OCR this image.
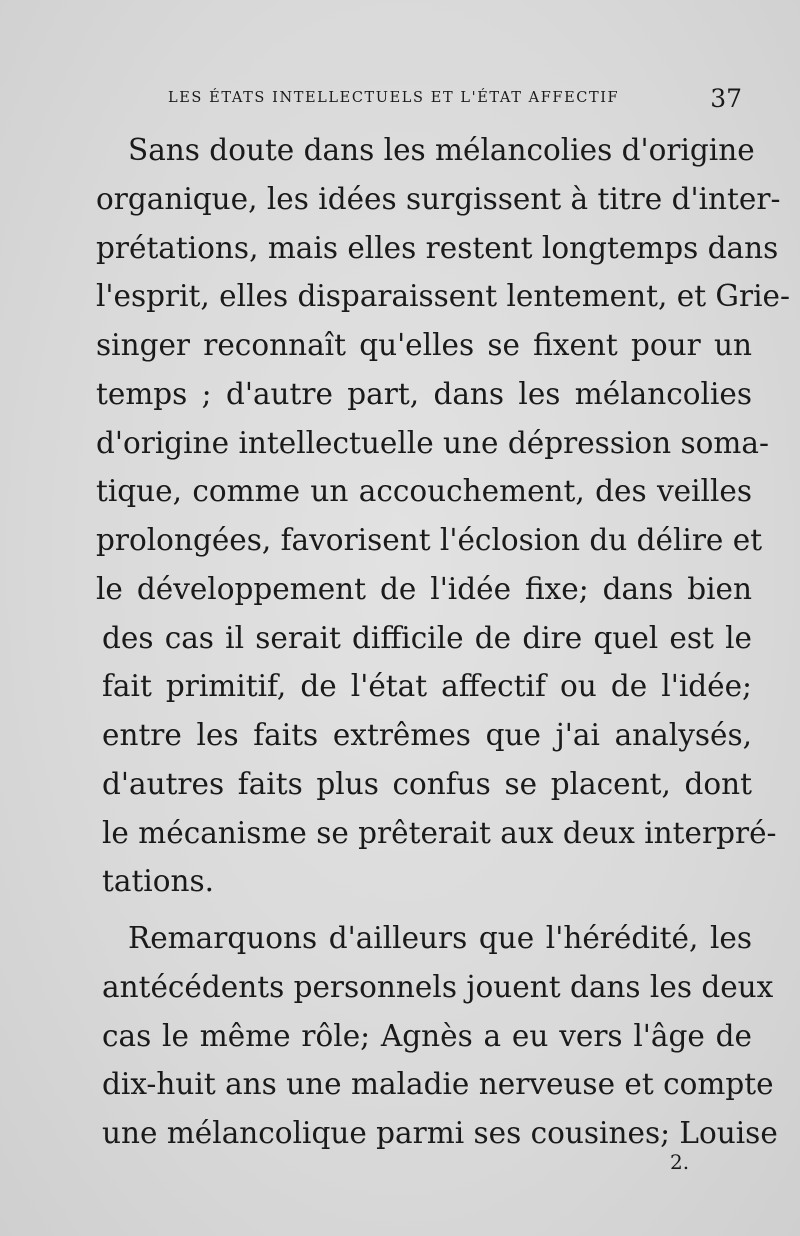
LES ÉTATS INTELLECTUELS ET L'ÉTAT AFFECTIF	37
Sans doute dans les mélancolies d'origine
organique, les idées surgissent à titre d'inter-
prétations, mais elles restent longtemps dans
l'esprit, elles disparaissent lentement, et Grie-
singer reconnaît qu'elles se fixent pour un
temps ; d'autre part, dans les mélancolies
d'origine intellectuelle une dépression soma-
tique, comme un accouchement, des veilles
prolongées, favorisent l'éclosion du délire et
le développement de l'idée fixe; dans bien
des cas il serait difficile de dire quel est le
fait primitif, de l'état affectif ou de l'idée;
entre les faits extrêmes que j'ai analysés,
d'autres faits plus confus se placent, dont
le mécanisme se prêterait aux deux interpré-
tations.
Remarquons d'ailleurs que l'hérédité, les
antécédents personnels jouent dans les deux
cas le même rôle; Agnès a eu vers l'âge de
dix-huit ans une maladie nerveuse et compte
une mélancolique parmi ses cousines; Louise
2.
